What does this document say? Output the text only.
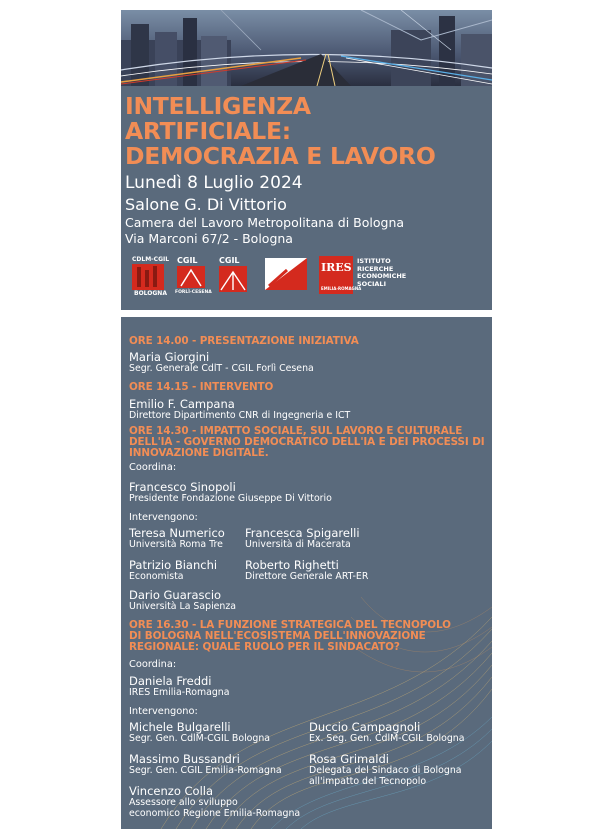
INTELLIGENZA
ARTIFICIALE:
DEMOCRAZIA E LAVORO
Lunedì 8 Luglio 2024
Salone G. Di Vittorio
Camera del Lavoro Metropolitana di Bologna
Via Marconi 67/2 - Bologna
CDLM-CGIL
BOLOGNA
CGIL
FORLÌ-CESENA
CGIL
IRES
EMILIA-ROMAGNA
ISTITUTO
RICERCHE
ECONOMICHE
SOCIALI
ORE 14.00 - PRESENTAZIONE INIZIATIVA
Maria Giorgini
Segr. Generale CdlT - CGIL Forlì Cesena
ORE 14.15 - INTERVENTO
Emilio F. Campana
Direttore Dipartimento CNR di Ingegneria e ICT
ORE 14.30 - IMPATTO SOCIALE, SUL LAVORO E CULTURALE
DELL'IA - GOVERNO DEMOCRATICO DELL'IA E DEI PROCESSI DI
INNOVAZIONE DIGITALE.
Coordina:
Francesco Sinopoli
Presidente Fondazione Giuseppe Di Vittorio
Intervengono:
Teresa Numerico
Università Roma Tre
Francesca Spigarelli
Università di Macerata
Patrizio Bianchi
Economista
Roberto Righetti
Direttore Generale ART-ER
Dario Guarascio
Università La Sapienza
ORE 16.30 - LA FUNZIONE STRATEGICA DEL TECNOPOLO
DI BOLOGNA NELL'ECOSISTEMA DELL'INNOVAZIONE
REGIONALE: QUALE RUOLO PER IL SINDACATO?
Coordina:
Daniela Freddi
IRES Emilia-Romagna
Intervengono:
Michele Bulgarelli
Segr. Gen. CdlM-CGIL Bologna
Duccio Campagnoli
Ex. Seg. Gen. CdlM-CGIL Bologna
Massimo Bussandri
Segr. Gen. CGIL Emilia-Romagna
Rosa Grimaldi
Delegata del Sindaco di Bologna
all'impatto del Tecnopolo
Vincenzo Colla
Assessore allo sviluppo
economico Regione Emilia-Romagna
